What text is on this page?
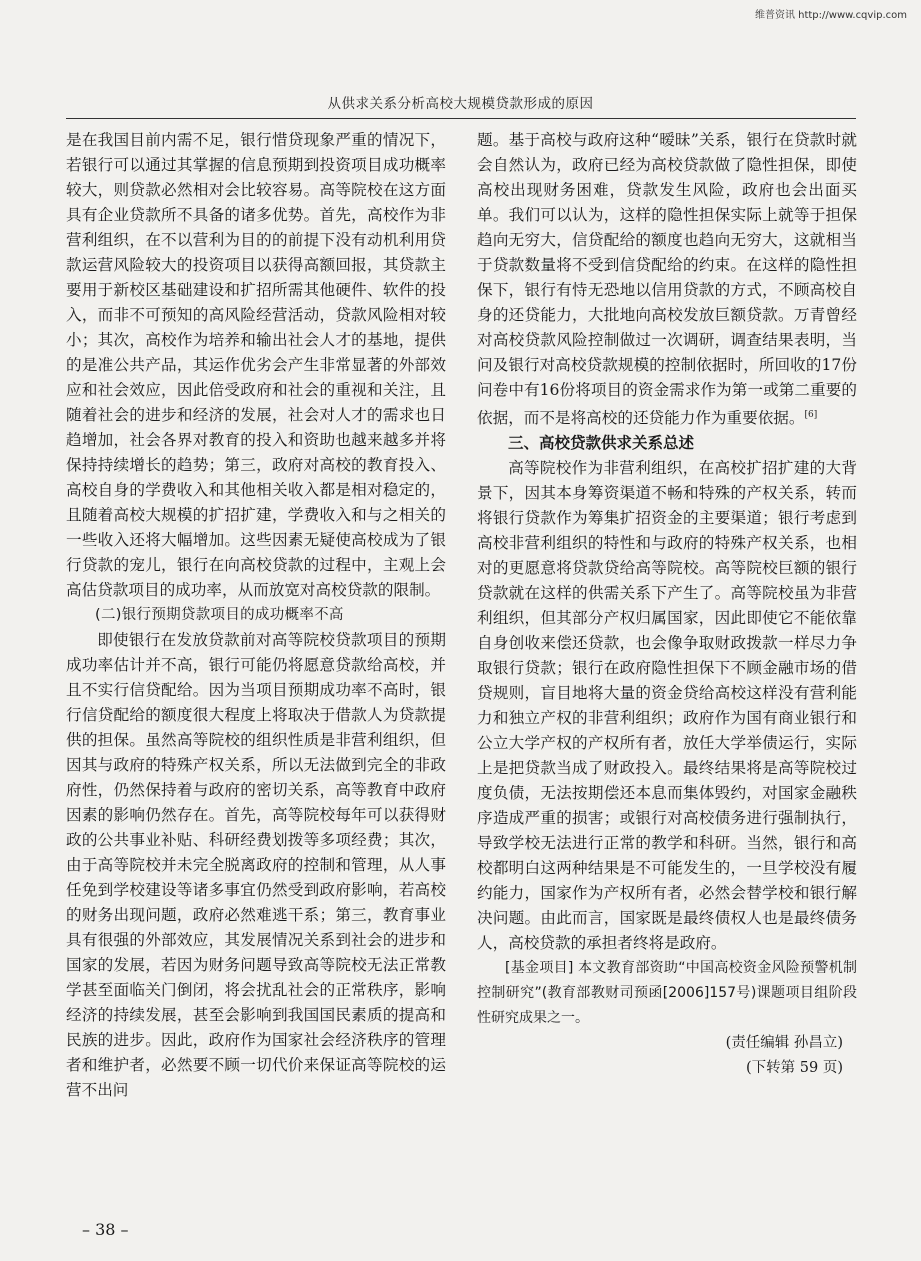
维普资讯 http://www.cqvip.com
从供求关系分析高校大规模贷款形成的原因

是在我国目前内需不足，银行惜贷现象严重的情况下，若银行可以通过其掌握的信息预期到投资项目成功概率较大，则贷款必然相对会比较容易。高等院校在这方面具有企业贷款所不具备的诸多优势。首先，高校作为非营利组织，在不以营利为目的的前提下没有动机利用贷款运营风险较大的投资项目以获得高额回报，其贷款主要用于新校区基础建设和扩招所需其他硬件、软件的投入，而非不可预知的高风险经营活动，贷款风险相对较小；其次，高校作为培养和输出社会人才的基地，提供的是准公共产品，其运作优劣会产生非常显著的外部效应和社会效应，因此倍受政府和社会的重视和关注，且随着社会的进步和经济的发展，社会对人才的需求也日趋增加，社会各界对教育的投入和资助也越来越多并将保持持续增长的趋势；第三，政府对高校的教育投入、高校自身的学费收入和其他相关收入都是相对稳定的，且随着高校大规模的扩招扩建，学费收入和与之相关的一些收入还将大幅增加。这些因素无疑使高校成为了银行贷款的宠儿，银行在向高校贷款的过程中，主观上会高估贷款项目的成功率，从而放宽对高校贷款的限制。

(二)银行预期贷款项目的成功概率不高

即使银行在发放贷款前对高等院校贷款项目的预期成功率估计并不高，银行可能仍将愿意贷款给高校，并且不实行信贷配给。因为当项目预期成功率不高时，银行信贷配给的额度很大程度上将取决于借款人为贷款提供的担保。虽然高等院校的组织性质是非营利组织，但因其与政府的特殊产权关系，所以无法做到完全的非政府性，仍然保持着与政府的密切关系，高等教育中政府因素的影响仍然存在。首先，高等院校每年可以获得财政的公共事业补贴、科研经费划拨等多项经费；其次，由于高等院校并未完全脱离政府的控制和管理，从人事任免到学校建设等诸多事宜仍然受到政府影响，若高校的财务出现问题，政府必然难逃干系；第三，教育事业具有很强的外部效应，其发展情况关系到社会的进步和国家的发展，若因为财务问题导致高等院校无法正常教学甚至面临关门倒闭，将会扰乱社会的正常秩序，影响经济的持续发展，甚至会影响到我国国民素质的提高和民族的进步。因此，政府作为国家社会经济秩序的管理者和维护者，必然要不顾一切代价来保证高等院校的运营不出问

题。基于高校与政府这种“暧昧”关系，银行在贷款时就会自然认为，政府已经为高校贷款做了隐性担保，即使高校出现财务困难，贷款发生风险，政府也会出面买单。我们可以认为，这样的隐性担保实际上就等于担保趋向无穷大，信贷配给的额度也趋向无穷大，这就相当于贷款数量将不受到信贷配给的约束。在这样的隐性担保下，银行有恃无恐地以信用贷款的方式，不顾高校自身的还贷能力，大批地向高校发放巨额贷款。万青曾经对高校贷款风险控制做过一次调研，调查结果表明，当问及银行对高校贷款规模的控制依据时，所回收的17份问卷中有16份将项目的资金需求作为第一或第二重要的依据，而不是将高校的还贷能力作为重要依据。[6]

三、高校贷款供求关系总述

高等院校作为非营利组织，在高校扩招扩建的大背景下，因其本身筹资渠道不畅和特殊的产权关系，转而将银行贷款作为筹集扩招资金的主要渠道；银行考虑到高校非营利组织的特性和与政府的特殊产权关系，也相对的更愿意将贷款贷给高等院校。高等院校巨额的银行贷款就在这样的供需关系下产生了。高等院校虽为非营利组织，但其部分产权归属国家，因此即使它不能依靠自身创收来偿还贷款，也会像争取财政拨款一样尽力争取银行贷款；银行在政府隐性担保下不顾金融市场的借贷规则，盲目地将大量的资金贷给高校这样没有营利能力和独立产权的非营利组织；政府作为国有商业银行和公立大学产权的产权所有者，放任大学举债运行，实际上是把贷款当成了财政投入。最终结果将是高等院校过度负债，无法按期偿还本息而集体毁约，对国家金融秩序造成严重的损害；或银行对高校债务进行强制执行，导致学校无法进行正常的教学和科研。当然，银行和高校都明白这两种结果是不可能发生的，一旦学校没有履约能力，国家作为产权所有者，必然会替学校和银行解决问题。由此而言，国家既是最终债权人也是最终债务人，高校贷款的承担者终将是政府。

[基金项目] 本文教育部资助“中国高校资金风险预警机制控制研究”(教育部教财司预函[2006]157号)课题项目组阶段性研究成果之一。

(责任编辑 孙昌立)

(下转第 59 页)

– 38 –
